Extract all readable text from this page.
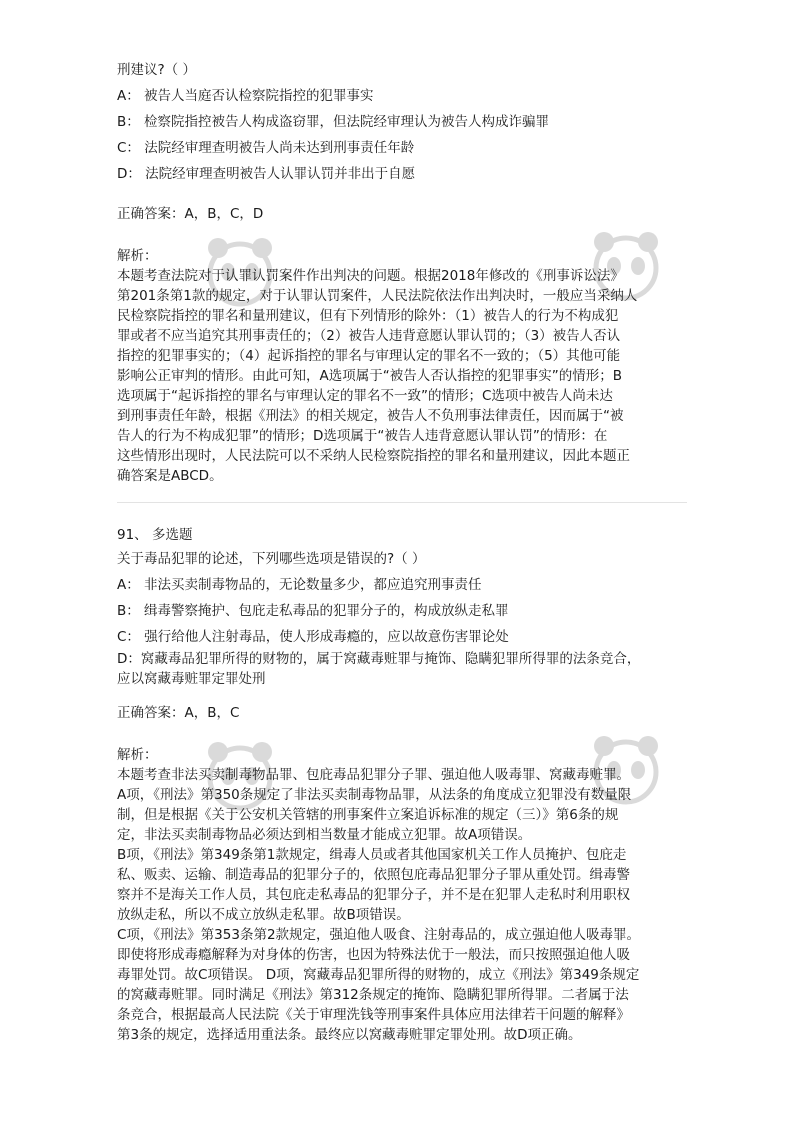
刑建议?（ ）

A： 被告人当庭否认检察院指控的犯罪事实
B： 检察院指控被告人构成盗窃罪，但法院经审理认为被告人构成诈骗罪
C： 法院经审理查明被告人尚未达到刑事责任年龄
D： 法院经审理查明被告人认罪认罚并非出于自愿

正确答案：A，B，C，D

解析：

本题考查法院对于认罪认罚案件作出判决的问题。根据2018年修改的《刑事诉讼法》
第201条第1款的规定，对于认罪认罚案件，人民法院依法作出判决时，一般应当采纳人
民检察院指控的罪名和量刑建议，但有下列情形的除外：（1）被告人的行为不构成犯
罪或者不应当追究其刑事责任的；（2）被告人违背意愿认罪认罚的；（3）被告人否认
指控的犯罪事实的；（4）起诉指控的罪名与审理认定的罪名不一致的；（5）其他可能
影响公正审判的情形。由此可知，A选项属于“被告人否认指控的犯罪事实”的情形；B
选项属于“起诉指控的罪名与审理认定的罪名不一致”的情形；C选项中被告人尚未达
到刑事责任年龄，根据《刑法》的相关规定，被告人不负刑事法律责任，因而属于“被
告人的行为不构成犯罪”的情形；D选项属于“被告人违背意愿认罪认罚”的情形：在
这些情形出现时，人民法院可以不采纳人民检察院指控的罪名和量刑建议，因此本题正
确答案是ABCD。

91、 多选题

关于毒品犯罪的论述，下列哪些选项是错误的?（ ）

A： 非法买卖制毒物品的，无论数量多少，都应追究刑事责任
B： 缉毒警察掩护、包庇走私毒品的犯罪分子的，构成放纵走私罪
C： 强行给他人注射毒品，使人形成毒瘾的，应以故意伤害罪论处
D：窝藏毒品犯罪所得的财物的，属于窝藏毒赃罪与掩饰、隐瞒犯罪所得罪的法条竞合，
应以窝藏毒赃罪定罪处刑

正确答案：A，B，C

解析：

本题考查非法买卖制毒物品罪、包庇毒品犯罪分子罪、强迫他人吸毒罪、窝藏毒赃罪。
A项，《刑法》第350条规定了非法买卖制毒物品罪，从法条的角度成立犯罪没有数量限
制，但是根据《关于公安机关管辖的刑事案件立案追诉标准的规定（三）》第6条的规
定，非法买卖制毒物品必须达到相当数量才能成立犯罪。故A项错误。
B项，《刑法》第349条第1款规定，缉毒人员或者其他国家机关工作人员掩护、包庇走
私、贩卖、运输、制造毒品的犯罪分子的，依照包庇毒品犯罪分子罪从重处罚。缉毒警
察并不是海关工作人员，其包庇走私毒品的犯罪分子，并不是在犯罪人走私时利用职权
放纵走私，所以不成立放纵走私罪。故B项错误。
C项，《刑法》第353条第2款规定，强迫他人吸食、注射毒品的，成立强迫他人吸毒罪。
即使将形成毒瘾解释为对身体的伤害，也因为特殊法优于一般法，而只按照强迫他人吸
毒罪处罚。故C项错误。 D项，窝藏毒品犯罪所得的财物的，成立《刑法》第349条规定
的窝藏毒赃罪。同时满足《刑法》第312条规定的掩饰、隐瞒犯罪所得罪。二者属于法
条竞合，根据最高人民法院《关于审理洗钱等刑事案件具体应用法律若干问题的解释》
第3条的规定，选择适用重法条。最终应以窝藏毒赃罪定罪处刑。故D项正确。
